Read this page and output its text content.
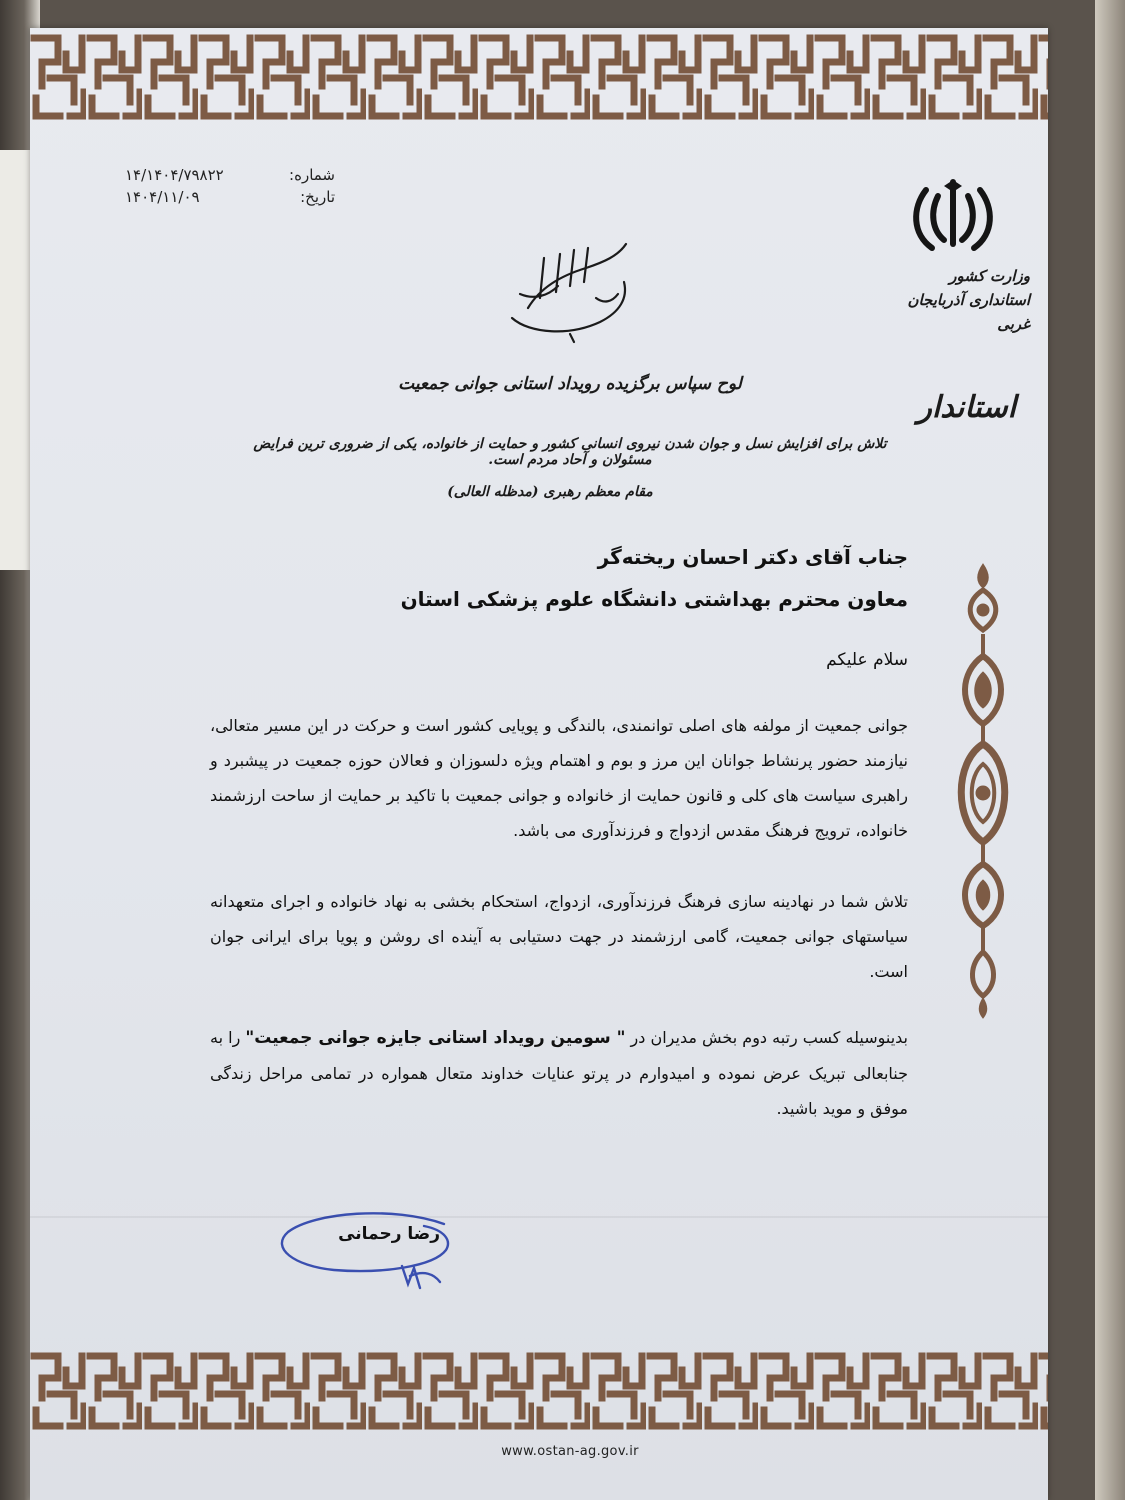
شماره:
۱۴/۱۴۰۴/۷۹۸۲۲
تاریخ:
۱۴۰۴/۱۱/۰۹
وزارت کشور
استانداری آذربایجان غربی
استاندار
لوح سپاس برگزیده رویداد استانی جوانی جمعیت
تلاش برای افزایش نسل و جوان شدن نیروی انسانی کشور و حمایت از خانواده، یکی از ضروری ترین فرایض مسئولان و آحاد مردم است.
مقام معظم رهبری (مدظله العالی)
جناب آقای دکتر احسان ریخته‌گر
معاون محترم بهداشتی دانشگاه علوم پزشکی استان
سلام علیکم
جوانی جمعیت از مولفه های اصلی توانمندی، بالندگی و پویایی کشور است و حرکت در این مسیر متعالی، نیازمند حضور پرنشاط جوانان این مرز و بوم و اهتمام ویژه دلسوزان و فعالان حوزه جمعیت در پیشبرد و راهبری سیاست های کلی و قانون حمایت از خانواده و جوانی جمعیت با تاکید بر حمایت از ساحت ارزشمند خانواده، ترویج فرهنگ مقدس ازدواج و فرزندآوری می باشد.
تلاش شما در نهادینه سازی فرهنگ فرزندآوری، ازدواج، استحکام بخشی به نهاد خانواده و اجرای متعهدانه سیاستهای جوانی جمعیت، گامی ارزشمند در جهت دستیابی به آینده ای روشن و پویا برای ایرانی جوان است.
بدینوسیله کسب رتبه دوم بخش مدیران در " سومین رویداد استانی جایزه جوانی جمعیت" را به جنابعالی تبریک عرض نموده و امیدوارم در پرتو عنایات خداوند متعال همواره در تمامی مراحل زندگی موفق و موید باشید.
رضا رحمانی
www.ostan-ag.gov.ir
